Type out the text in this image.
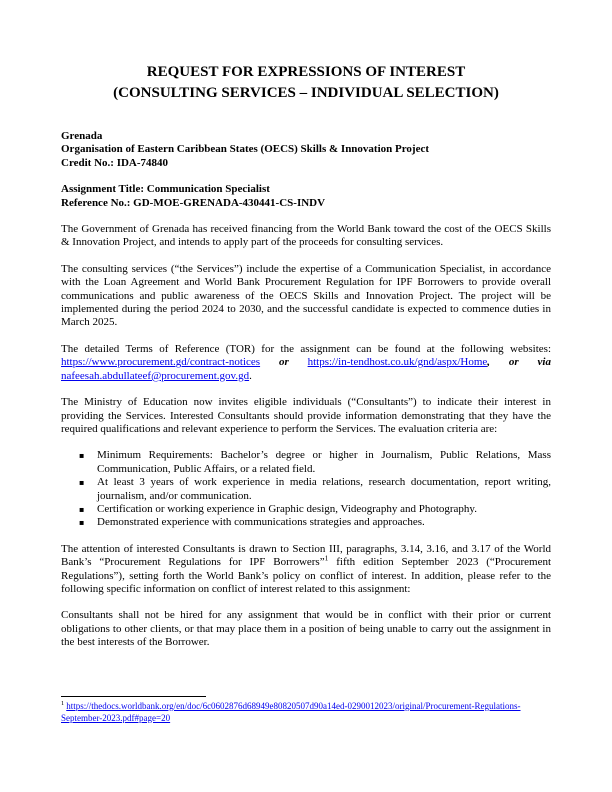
REQUEST FOR EXPRESSIONS OF INTEREST
(CONSULTING SERVICES – INDIVIDUAL SELECTION)
Grenada
Organisation of Eastern Caribbean States (OECS) Skills & Innovation Project
Credit No.: IDA-74840
Assignment Title: Communication Specialist
Reference No.: GD-MOE-GRENADA-430441-CS-INDV

The Government of Grenada has received financing from the World Bank toward the cost of the OECS Skills & Innovation Project, and intends to apply part of the proceeds for consulting services.

The consulting services (“the Services”) include the expertise of a Communication Specialist, in accordance with the Loan Agreement and World Bank Procurement Regulation for IPF Borrowers to provide overall communications and public awareness of the OECS Skills and Innovation Project. The project will be implemented during the period 2024 to 2030, and the successful candidate is expected to commence duties in March 2025.

The detailed Terms of Reference (TOR) for the assignment can be found at the following websites: https://www.procurement.gd/contract-notices or https://in-tendhost.co.uk/gnd/aspx/Home, or via nafeesah.abdullateef@procurement.gov.gd.

The Ministry of Education now invites eligible individuals (“Consultants”) to indicate their interest in providing the Services. Interested Consultants should provide information demonstrating that they have the required qualifications and relevant experience to perform the Services. The evaluation criteria are:

▪ Minimum Requirements: Bachelor’s degree or higher in Journalism, Public Relations, Mass Communication, Public Affairs, or a related field.
▪ At least 3 years of work experience in media relations, research documentation, report writing, journalism, and/or communication.
▪ Certification or working experience in Graphic design, Videography and Photography.
▪ Demonstrated experience with communications strategies and approaches.

The attention of interested Consultants is drawn to Section III, paragraphs, 3.14, 3.16, and 3.17 of the World Bank’s “Procurement Regulations for IPF Borrowers”$^1$ fifth edition September 2023 (“Procurement Regulations”), setting forth the World Bank’s policy on conflict of interest. In addition, please refer to the following specific information on conflict of interest related to this assignment:

Consultants shall not be hired for any assignment that would be in conflict with their prior or current obligations to other clients, or that may place them in a position of being unable to carry out the assignment in the best interests of the Borrower.

$^1$ https://thedocs.worldbank.org/en/doc/6c0602876d68949e80820507d90a14ed-0290012023/original/Procurement-Regulations-September-2023.pdf#page=20
